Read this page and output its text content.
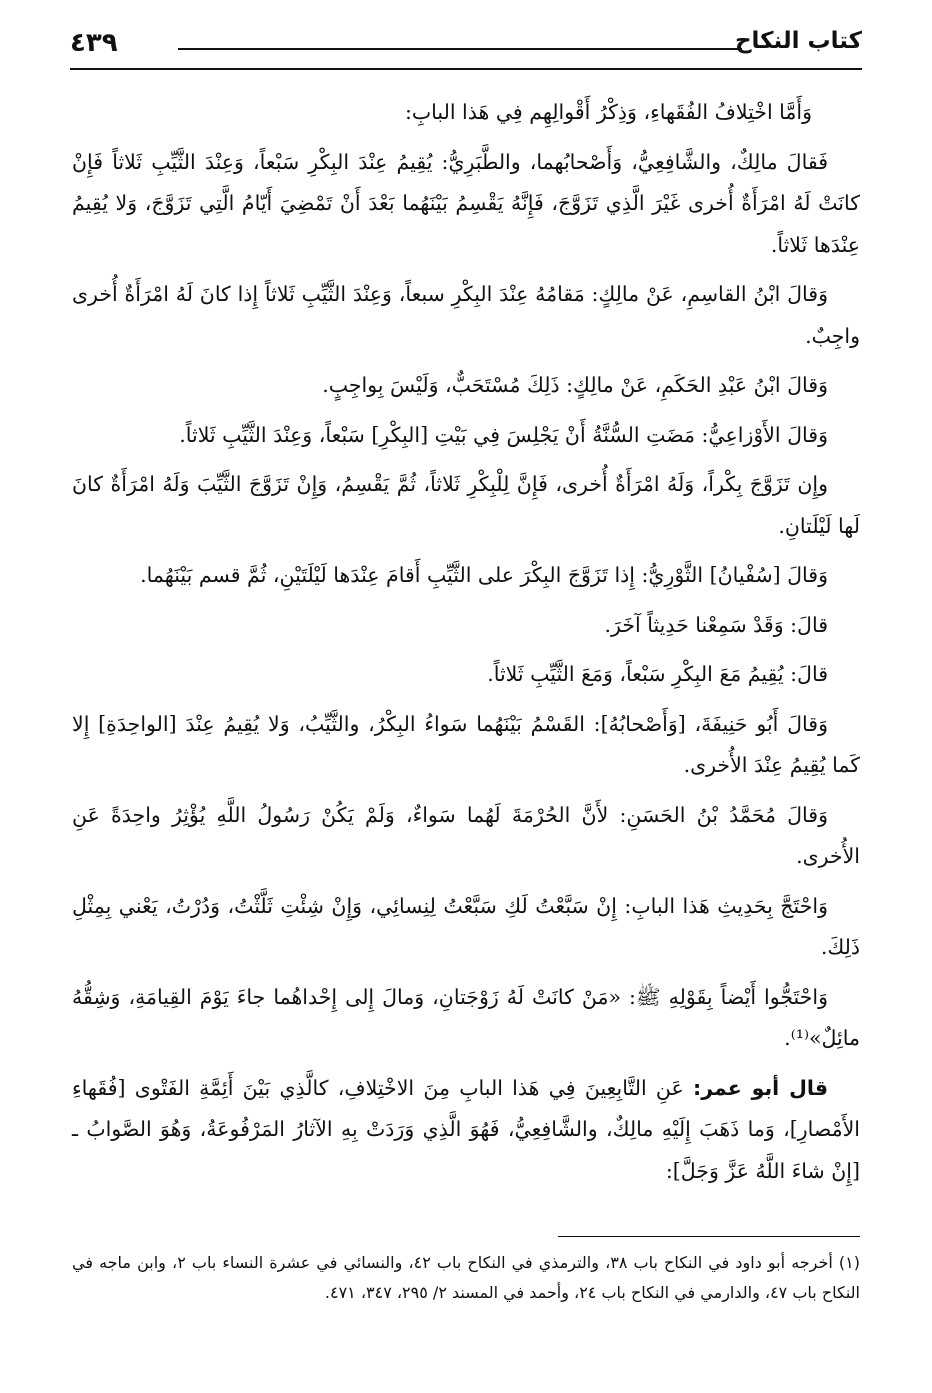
٤٣٩	كتاب النكاح

وَأَمَّا اخْتِلافُ الفُقَهاءِ، وَذِكْرُ أَقْوالِهِم فِي هَذا البابِ:

فَقالَ مالِكٌ، والشَّافِعِيُّ، وَأَصْحابُهما، والطَّبَرِيُّ: يُقِيمُ عِنْدَ البِكْرِ سَبْعاً، وَعِنْدَ الثَّيِّبِ ثَلاثاً فَإِنْ كانَتْ لَهُ امْرَأَةٌ أُخرى غَيْرَ الَّذِي تَزَوَّجَ، فَإِنَّهُ يَقْسِمُ بَيْنَهُما بَعْدَ أَنْ تَمْضِيَ أَيّامُ الَّتِي تَزَوَّجَ، وَلا يُقِيمُ عِنْدَها ثَلاثاً.

وَقالَ ابْنُ القاسِمِ، عَنْ مالِكٍ: مَقامُهُ عِنْدَ البِكْرِ سبعاً، وَعِنْدَ الثَّيِّبِ ثَلاثاً إِذا كانَ لَهُ امْرَأَةٌ أُخرى واجِبٌ.

وَقالَ ابْنُ عَبْدِ الحَكَمِ، عَنْ مالِكٍ: ذَلِكَ مُسْتَحَبٌّ، وَلَيْسَ بِواجِبٍ.

وَقالَ الأَوْزاعِيُّ: مَضَتِ السُّنَّةُ أَنْ يَجْلِسَ فِي بَيْتِ [البِكْرِ] سَبْعاً، وَعِنْدَ الثَّيِّبِ ثَلاثاً.

وإِن تَزَوَّجَ بِكْراً، وَلَهُ امْرَأَةٌ أُخرى، فَإِنَّ لِلْبِكْرِ ثَلاثاً، ثُمَّ يَقْسِمُ، وَإِنْ تَزَوَّجَ الثَّيِّبَ وَلَهُ امْرَأَةٌ كانَ لَها لَيْلَتانِ.

وَقالَ [سُفْيانُ] الثَّوْرِيُّ: إِذا تَزَوَّجَ البِكْرَ على الثَّيِّبِ أَقامَ عِنْدَها لَيْلَتَيْنِ، ثُمَّ قسم بَيْنَهُما.

قالَ: وَقَدْ سَمِعْنا حَدِيثاً آخَرَ.

قالَ: يُقِيمُ مَعَ البِكْرِ سَبْعاً، وَمَعَ الثَّيِّبِ ثَلاثاً.

وَقالَ أَبُو حَنِيفَةَ، [وَأَصْحابُهُ]: القَسْمُ بَيْنَهُما سَواءُ البِكْرُ، والثَّيِّبُ، وَلا يُقِيمُ عِنْدَ [الواحِدَةِ] إِلا كَما يُقِيمُ عِنْدَ الأُخرى.

وَقالَ مُحَمَّدُ بْنُ الحَسَنِ: لأَنَّ الحُرْمَةَ لَهُما سَواءٌ، وَلَمْ يَكُنْ رَسُولُ اللَّهِ يُؤْثِرُ واحِدَةً عَنِ الأُخرى.

وَاحْتَجَّ بِحَدِيثِ هَذا البابِ: إِنْ سَبَّعْتُ لَكِ سَبَّعْتُ لِنِسائِي، وَإِنْ شِئْتِ ثَلَّثْتُ، وَدُرْتُ، يَعْني بِمِثْلِ ذَلِكَ.

وَاحْتَجُّوا أَيْضاً بِقَوْلِهِ ﷺ: «مَنْ كانَتْ لَهُ زَوْجَتانِ، وَمالَ إِلى إِحْداهُما جاءَ يَوْمَ القِيامَةِ، وَشِقُّهُ مائِلٌ»⁽¹⁾.

قال أبو عمر: عَنِ التَّابِعِينَ فِي هَذا البابِ مِنَ الاخْتِلافِ، كالَّذِي بَيْنَ أَئِمَّةِ الفَتْوى [فُقَهاءِ الأَمْصارِ]، وَما ذَهَبَ إِلَيْهِ مالِكٌ، والشَّافِعِيُّ، فَهُوَ الَّذِي وَرَدَتْ بِهِ الآثارُ المَرْفُوعَةُ، وَهُوَ الصَّوابُ ـ [إِنْ شاءَ اللَّهُ عَزَّ وَجَلَّ]:

(١) أخرجه أبو داود في النكاح باب ٣٨، والترمذي في النكاح باب ٤٢، والنسائي في عشرة النساء باب ٢، وابن ماجه في النكاح باب ٤٧، والدارمي في النكاح باب ٢٤، وأحمد في المسند ٢/ ٢٩٥، ٣٤٧، ٤٧١.
